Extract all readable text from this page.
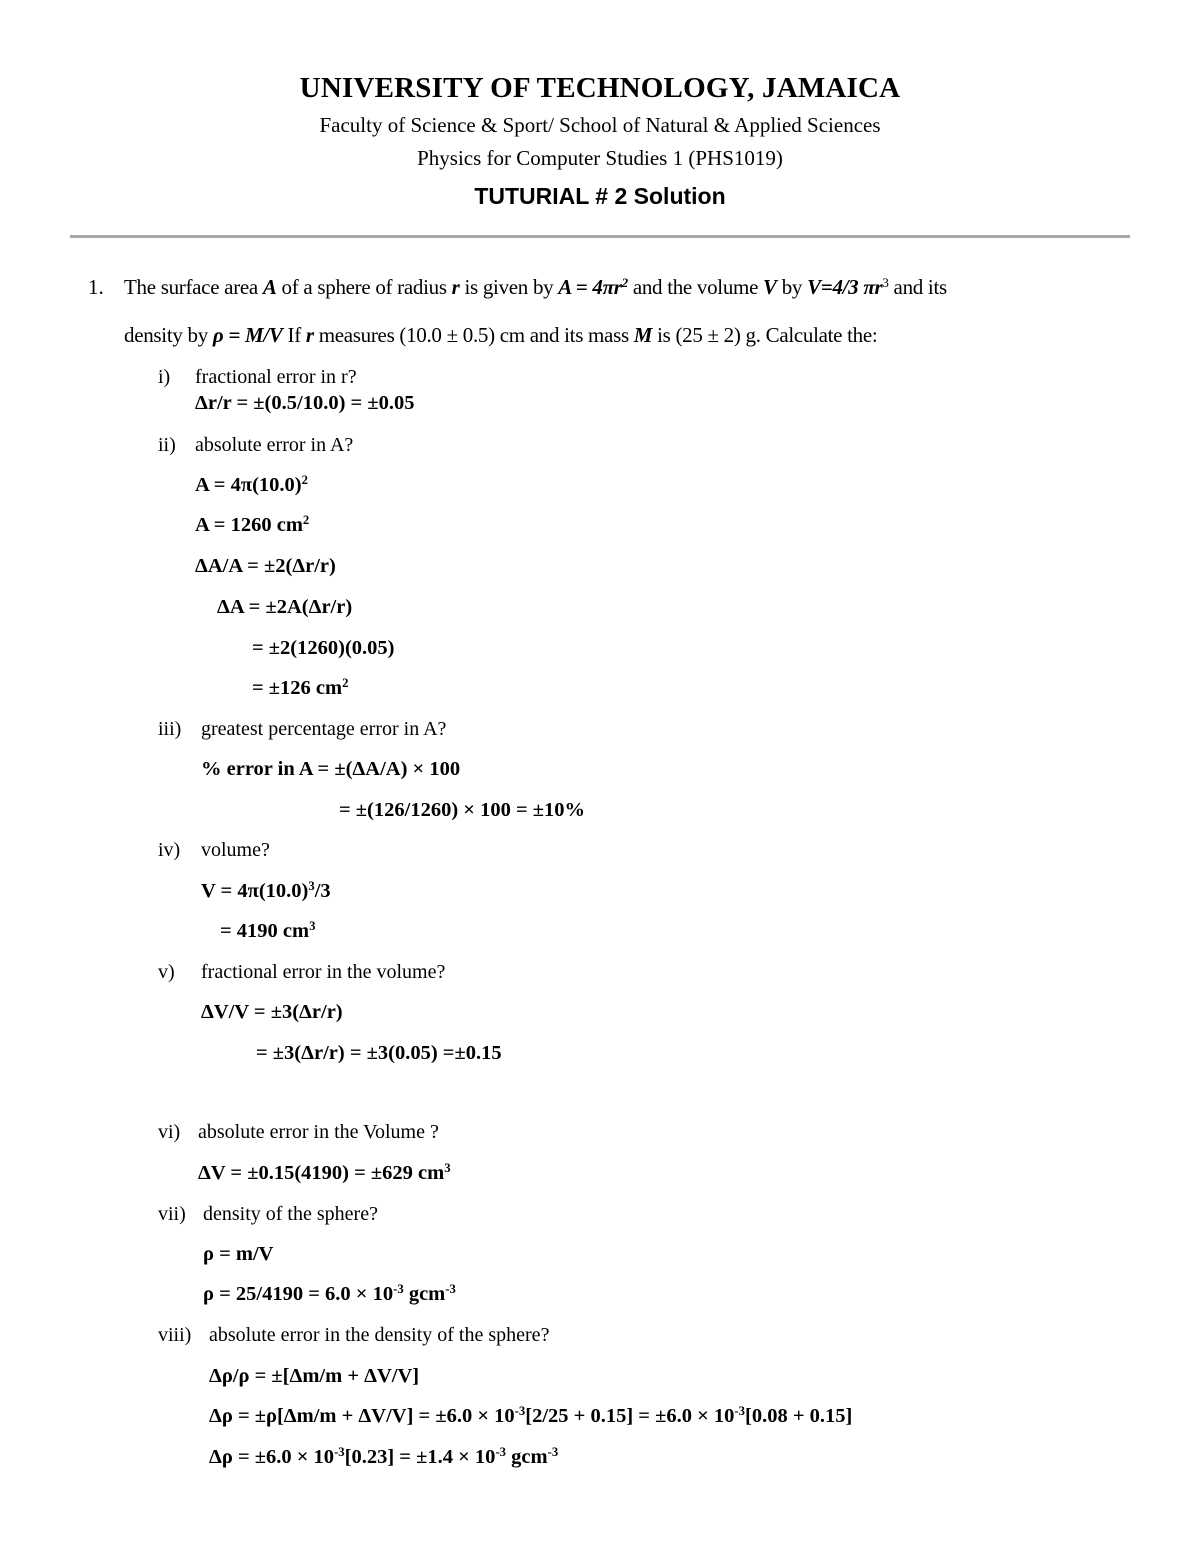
UNIVERSITY OF TECHNOLOGY, JAMAICA
Faculty of Science & Sport/ School of Natural & Applied Sciences
Physics for Computer Studies 1 (PHS1019)
TUTURIAL # 2 Solution
1. The surface area A of a sphere of radius r is given by $A = 4\pi r^2$ and the volume V by V=4/3 $\pi r^3$ and its
density by ρ = M/V If r measures (10.0 ± 0.5) cm and its mass M is (25 ± 2) g. Calculate the:
i) fractional error in r?
Δr/r = ±(0.5/10.0) = ±0.05
ii) absolute error in A?
$A = 4\pi(10.0)^2$
A = 1260 $cm^2$
ΔA/A = ±2(Δr/r)
ΔA = ±2A(Δr/r)
= ±2(1260)(0.05)
= ±126 $cm^2$
iii) greatest percentage error in A?
% error in A = ±(ΔA/A) × 100
= ±(126/1260) × 100 = ±10%
iv) volume?
$V = 4\pi(10.0)^3/3$
= 4190 $cm^3$
v) fractional error in the volume?
ΔV/V = ±3(Δr/r)
= ±3(Δr/r) = ±3(0.05) =±0.15
vi) absolute error in the Volume ?
ΔV = ±0.15(4190) = ±629 $cm^3$
vii) density of the sphere?
ρ = m/V
$\rho = 25/4190 = 6.0 \times 10^{-3}$ gcm$^{-3}$
viii) absolute error in the density of the sphere?
Δρ/ρ = ±[Δm/m + ΔV/V]
$\Delta\rho = \pm\rho[\Delta m/m + \Delta V/V] = \pm 6.0 \times 10^{-3}[2/25 + 0.15] = \pm 6.0 \times 10^{-3}[0.08 + 0.15]$
$\Delta\rho = \pm 6.0 \times 10^{-3}[0.23] = \pm 1.4 \times 10^{-3}$ gcm$^{-3}$
